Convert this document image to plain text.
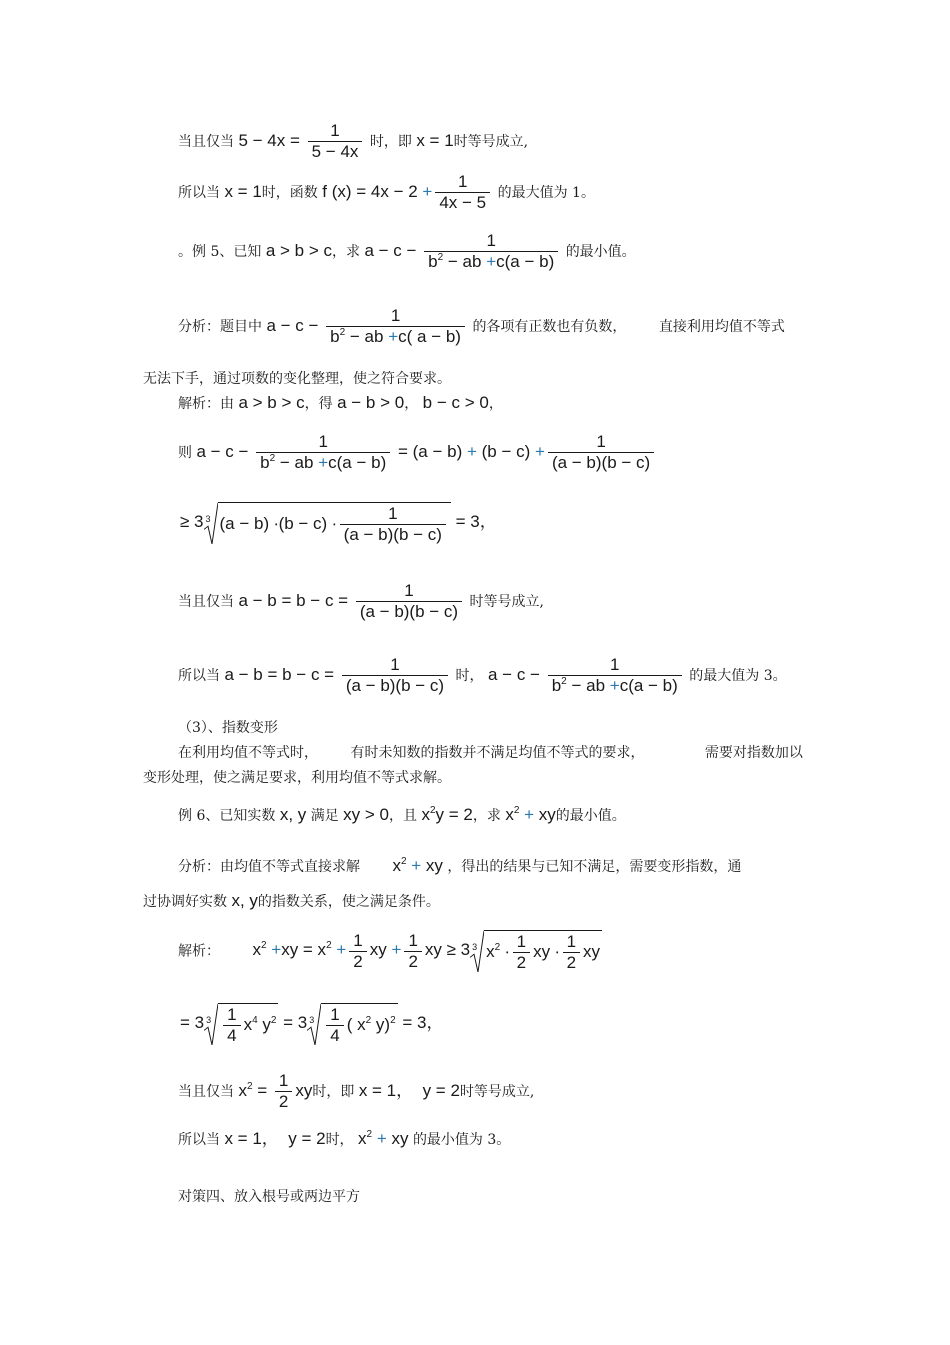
当且仅当 $5 - 4x = \frac{1}{5 - 4x}$ 时，即 x = 1时等号成立,
所以当 x = 1时，函数 f $(x) = 4x - 2 + \frac{1}{4x - 5}$ 的最大值为 1。
。例 5、已知 a > b > c，求 $a - c - \frac{1}{b^2 - ab +c(a - b)}$ 的最小值。
分析：题目中 $a - c - \frac{1}{b^2 - ab +c( a - b)}$ 的各项有正数也有负数， 直接利用均值不等式
无法下手，通过项数的变化整理，使之符合要求。
解析：由 a > b > c，得 a − b > 0， b − c > 0，
则 $a - c - \frac{1}{b^2 - ab +c(a - b)} = (a - b) + (b - c) + \frac{1}{(a - b)(b - c)}$
≥ 3 3 $(a - b) \cdot(b - c) \cdot \frac{1}{(a - b)(b - c)} = 3$，
当且仅当 $a - b = b - c = \frac{1}{(a - b)(b - c)}$ 时等号成立,
所以当 $a - b = b - c = \frac{1}{(a - b)(b - c)}$ 时， $a - c - \frac{1}{b^2 - ab +c(a - b)}$ 的最大值为 3。
（3）、指数变形
在利用均值不等式时， 有时未知数的指数并不满足均值不等式的要求，	需要对指数加以
变形处理，使之满足要求，利用均值不等式求解。
例 6、已知实数 x, y 满足 xy > 0，且 $x^2y = 2$，求 $x^2$ + xy的最小值。
分析：由均值不等式直接求解 $x^2$ + xy ，得出的结果与已知不满足，需要变形指数，通
过协调好实数 x, y的指数关系，使之满足条件。
解析： $x^2 +xy = x^2 + \frac{1}{2}$ xy + $\frac{1}{2}$ xy ≥ 3 3 $x^2 \cdot \frac{1}{2}$ xy ∙ $\frac{1}{2}$ xy
= 3 $3 \frac{1}{4} x^4$ $y^2 = 3$ $3 \frac{1}{4}$ ( $x^2$ y)$^2$ = 3，
当且仅当 $x^2 = \frac{1}{2}$ xy时，即 x = 1，  y = 2时等号成立,
所以当 x = 1，  y = 2时， $x^2$ + xy 的最小值为 3。
对策四、放入根号或两边平方
